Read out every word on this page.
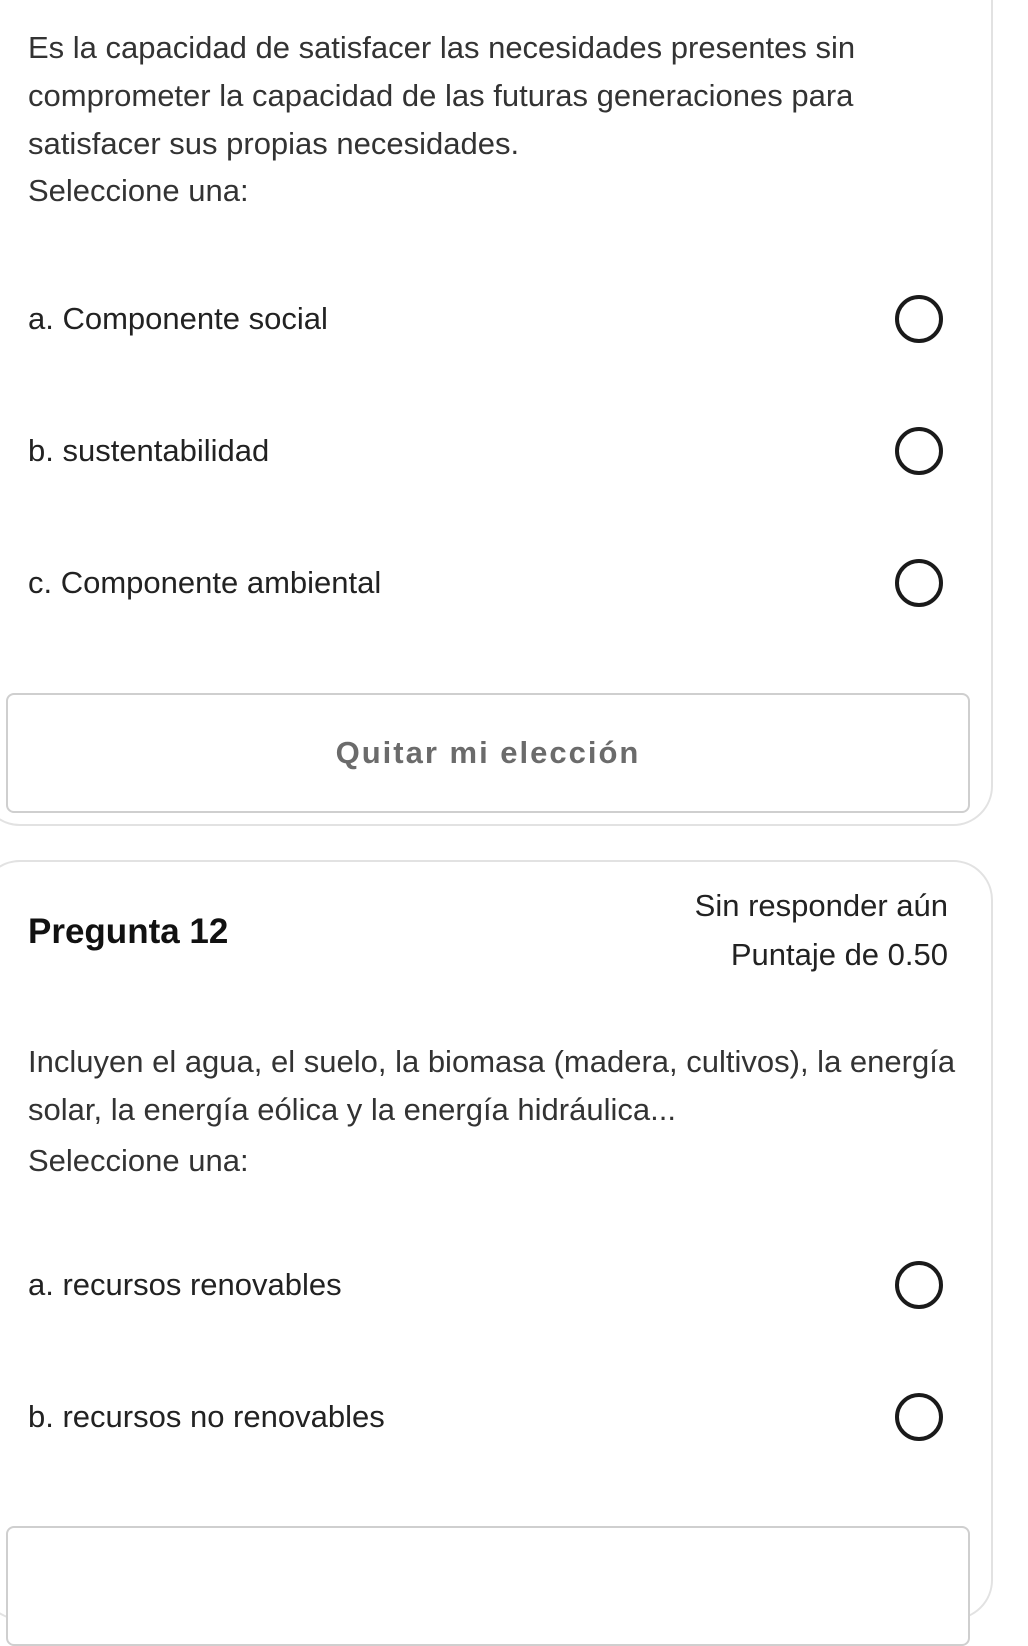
Es la capacidad de satisfacer las necesidades presentes sin comprometer la capacidad de las futuras generaciones para satisfacer sus propias necesidades.

Seleccione una:

a. Componente social
b. sustentabilidad
c. Componente ambiental
Quitar mi elección
Pregunta 12
Sin responder aún
Puntaje de 0.50

Incluyen el agua, el suelo, la biomasa (madera, cultivos), la energía solar, la energía eólica y la energía hidráulica...

Seleccione una:

a. recursos renovables
b. recursos no renovables
